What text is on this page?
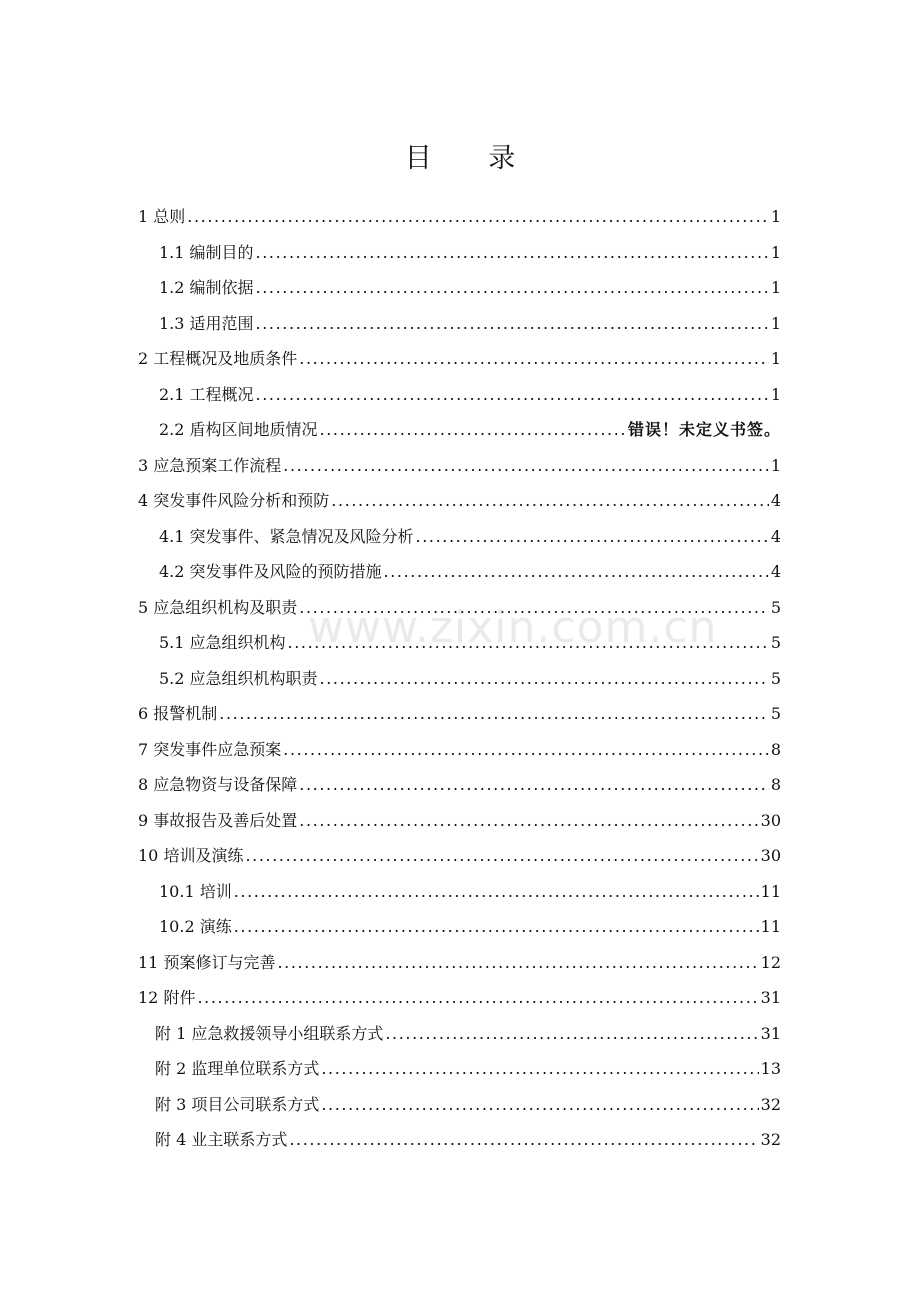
目 录
1 总则 .....	1
1.1 编制目的 .....	1
1.2 编制依据 .....	1
1.3 适用范围 .....	1
2 工程概况及地质条件 .....	1
2.1 工程概况 .....	1
2.2 盾构区间地质情况 .....	错误！未定义书签。
3 应急预案工作流程 .....	1
4 突发事件风险分析和预防 .....	4
4.1 突发事件、紧急情况及风险分析 .....	4
4.2 突发事件及风险的预防措施 .....	4
5 应急组织机构及职责 .....	5
5.1 应急组织机构 .....	5
5.2 应急组织机构职责 .....	5
6 报警机制 .....	5
7 突发事件应急预案 .....	8
8 应急物资与设备保障 .....	8
9 事故报告及善后处置 .....	30
10 培训及演练 .....	30
10.1 培训 .....	11
10.2 演练 .....	11
11 预案修订与完善 .....	12
12 附件 .....	31
附 1 应急救援领导小组联系方式 .....	31
附 2 监理单位联系方式 .....	13
附 3 项目公司联系方式 .....	32
附 4 业主联系方式 .....	32
www.zixin.com.cn
